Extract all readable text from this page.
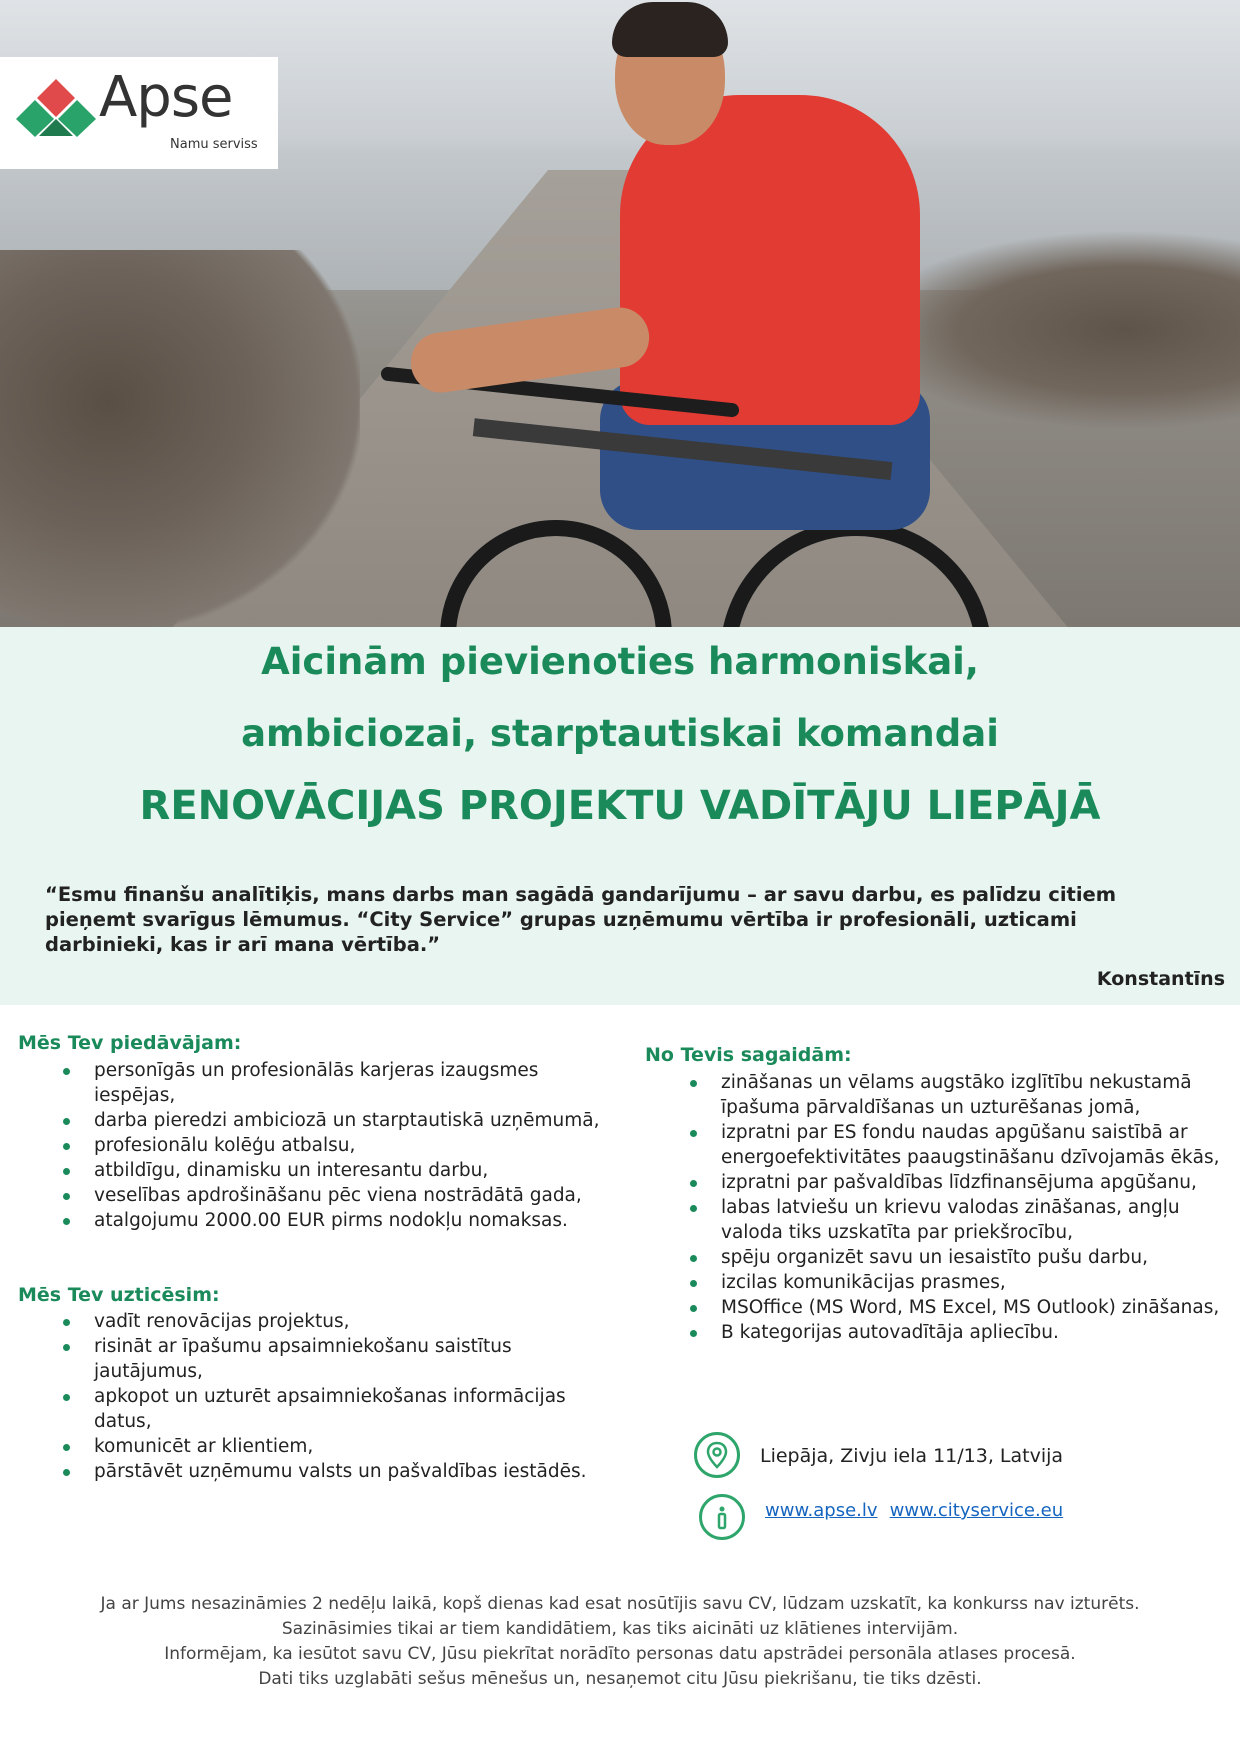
Apse
Namu serviss
Aicinām pievienoties harmoniskai,
ambiciozai, starptautiskai komandai
RENOVĀCIJAS PROJEKTU VADĪTĀJU LIEPĀJĀ
“Esmu finanšu analītiķis, mans darbs man sagādā gandarījumu – ar savu darbu, es palīdzu citiem pieņemt svarīgus lēmumus. “City Service” grupas uzņēmumu vērtība ir profesionāli, uzticami darbinieki, kas ir arī mana vērtība.”
Konstantīns
Mēs Tev piedāvājam:
personīgās un profesionālās karjeras izaugsmes iespējas,
darba pieredzi ambiciozā un starptautiskā uzņēmumā,
profesionālu kolēģu atbalsu,
atbildīgu, dinamisku un interesantu darbu,
veselības apdrošināšanu pēc viena nostrādātā gada,
atalgojumu 2000.00 EUR pirms nodokļu nomaksas.
Mēs Tev uzticēsim:
vadīt renovācijas projektus,
risināt ar īpašumu apsaimniekošanu saistītus jautājumus,
apkopot un uzturēt apsaimniekošanas informācijas datus,
komunicēt ar klientiem,
pārstāvēt uzņēmumu valsts un pašvaldības iestādēs.
No Tevis sagaidām:
zināšanas un vēlams augstāko izglītību nekustamā īpašuma pārvaldīšanas un uzturēšanas jomā,
izpratni par ES fondu naudas apgūšanu saistībā ar energoefektivitātes paaugstināšanu dzīvojamās ēkās,
izpratni par pašvaldības līdzfinansējuma apgūšanu,
labas latviešu un krievu valodas zināšanas, angļu valoda tiks uzskatīta par priekšrocību,
spēju organizēt savu un iesaistīto pušu darbu,
izcilas komunikācijas prasmes,
MSOffice (MS Word, MS Excel, MS Outlook) zināšanas,
B kategorijas autovadītāja apliecību.
Liepāja, Zivju iela 11/13, Latvija
www.apse.lv www.cityservice.eu
Ja ar Jums nesazināmies 2 nedēļu laikā, kopš dienas kad esat nosūtījis savu CV, lūdzam uzskatīt, ka konkurss nav izturēts.
Sazināsimies tikai ar tiem kandidātiem, kas tiks aicināti uz klātienes intervijām.
Informējam, ka iesūtot savu CV, Jūsu piekrītat norādīto personas datu apstrādei personāla atlases procesā.
Dati tiks uzglabāti sešus mēnešus un, nesaņemot citu Jūsu piekrišanu, tie tiks dzēsti.
